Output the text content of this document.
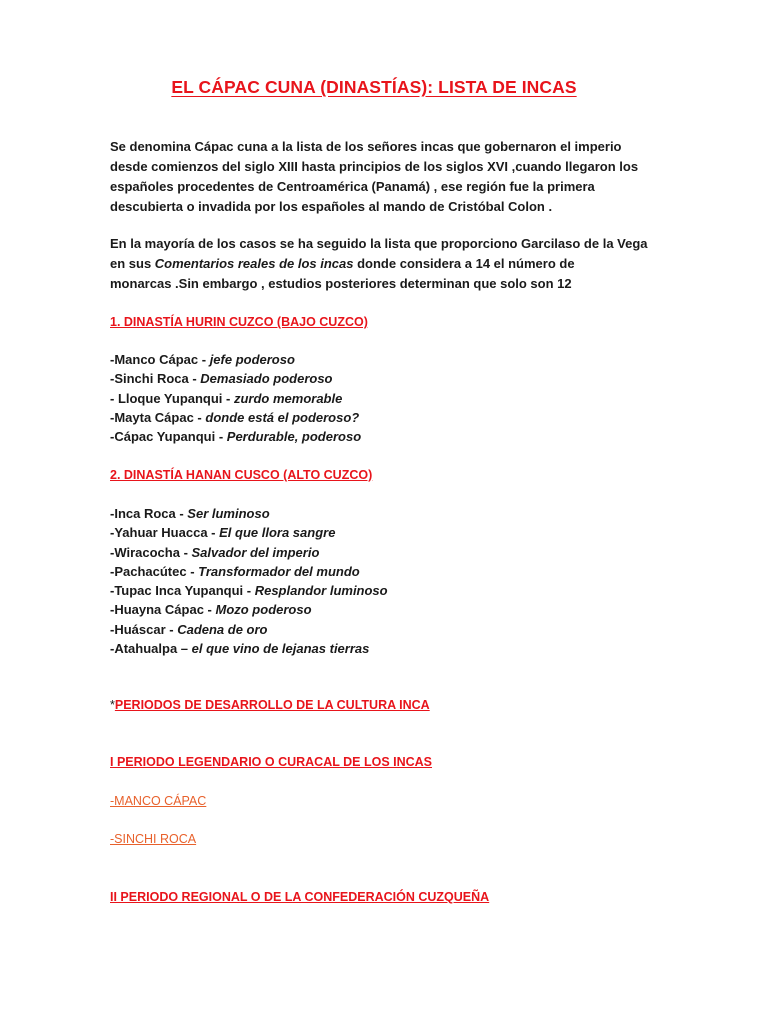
EL CÁPAC CUNA (DINASTÍAS): LISTA DE INCAS
Se denomina Cápac cuna a la lista de los señores incas que gobernaron el imperio
desde comienzos del siglo XIII hasta principios de los siglos XVI ,cuando llegaron los
españoles procedentes de Centroamérica (Panamá) , ese región fue la primera
descubierta o invadida por los españoles al mando de Cristóbal Colon .
En la mayoría de los casos se ha seguido la lista que proporciono Garcilaso de la Vega
en sus Comentarios reales de los incas donde considera a 14 el número de
monarcas .Sin embargo , estudios posteriores determinan que solo son 12
1. DINASTÍA HURIN CUZCO (BAJO CUZCO)
-Manco Cápac - jefe poderoso
-Sinchi Roca - Demasiado poderoso
- Lloque Yupanqui - zurdo memorable
-Mayta Cápac - donde está el poderoso?
-Cápac Yupanqui - Perdurable, poderoso
2. DINASTÍA HANAN CUSCO (ALTO CUZCO)
-Inca Roca - Ser luminoso
-Yahuar Huacca - El que llora sangre
-Wiracocha - Salvador del imperio
-Pachacútec - Transformador del mundo
-Tupac Inca Yupanqui - Resplandor luminoso
-Huayna Cápac - Mozo poderoso
-Huáscar - Cadena de oro
-Atahualpa – el que vino de lejanas tierras
*PERIODOS DE DESARROLLO DE LA CULTURA INCA
I PERIODO LEGENDARIO O CURACAL DE LOS INCAS
-MANCO CÁPAC
-SINCHI ROCA
II PERIODO REGIONAL O DE LA CONFEDERACIÓN CUZQUEÑA
